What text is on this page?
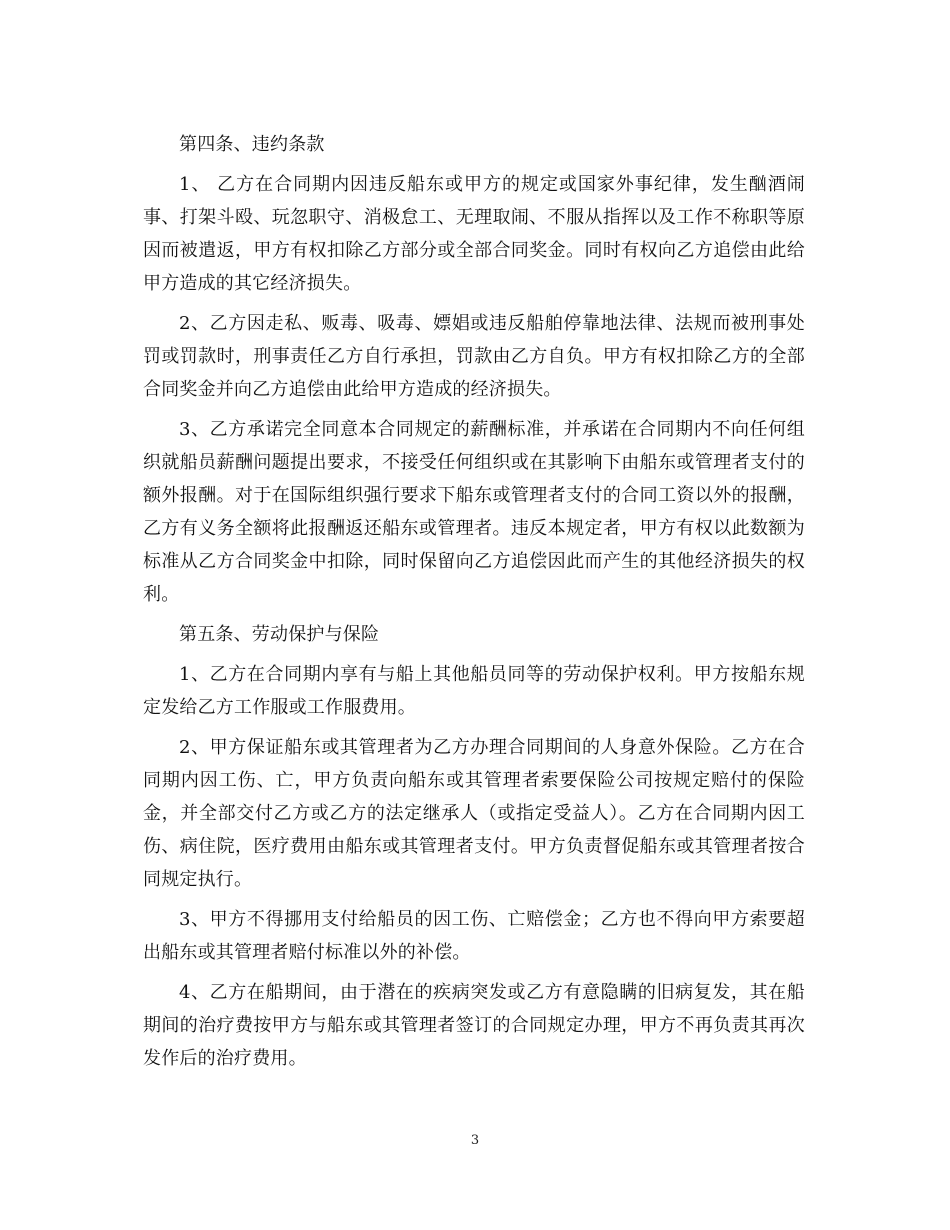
第四条、违约条款

1、 乙方在合同期内因违反船东或甲方的规定或国家外事纪律，发生酗酒闹事、打架斗殴、玩忽职守、消极怠工、无理取闹、不服从指挥以及工作不称职等原因而被遣返，甲方有权扣除乙方部分或全部合同奖金。同时有权向乙方追偿由此给甲方造成的其它经济损失。

2、乙方因走私、贩毒、吸毒、嫖娼或违反船舶停靠地法律、法规而被刑事处罚或罚款时，刑事责任乙方自行承担，罚款由乙方自负。甲方有权扣除乙方的全部合同奖金并向乙方追偿由此给甲方造成的经济损失。

3、乙方承诺完全同意本合同规定的薪酬标准，并承诺在合同期内不向任何组织就船员薪酬问题提出要求，不接受任何组织或在其影响下由船东或管理者支付的额外报酬。对于在国际组织强行要求下船东或管理者支付的合同工资以外的报酬，乙方有义务全额将此报酬返还船东或管理者。违反本规定者，甲方有权以此数额为标准从乙方合同奖金中扣除，同时保留向乙方追偿因此而产生的其他经济损失的权利。

第五条、劳动保护与保险

1、乙方在合同期内享有与船上其他船员同等的劳动保护权利。甲方按船东规定发给乙方工作服或工作服费用。

2、甲方保证船东或其管理者为乙方办理合同期间的人身意外保险。乙方在合同期内因工伤、亡，甲方负责向船东或其管理者索要保险公司按规定赔付的保险金，并全部交付乙方或乙方的法定继承人（或指定受益人）。乙方在合同期内因工伤、病住院，医疗费用由船东或其管理者支付。甲方负责督促船东或其管理者按合同规定执行。

3、甲方不得挪用支付给船员的因工伤、亡赔偿金；乙方也不得向甲方索要超出船东或其管理者赔付标准以外的补偿。

4、乙方在船期间，由于潜在的疾病突发或乙方有意隐瞒的旧病复发，其在船期间的治疗费按甲方与船东或其管理者签订的合同规定办理，甲方不再负责其再次发作后的治疗费用。

3
